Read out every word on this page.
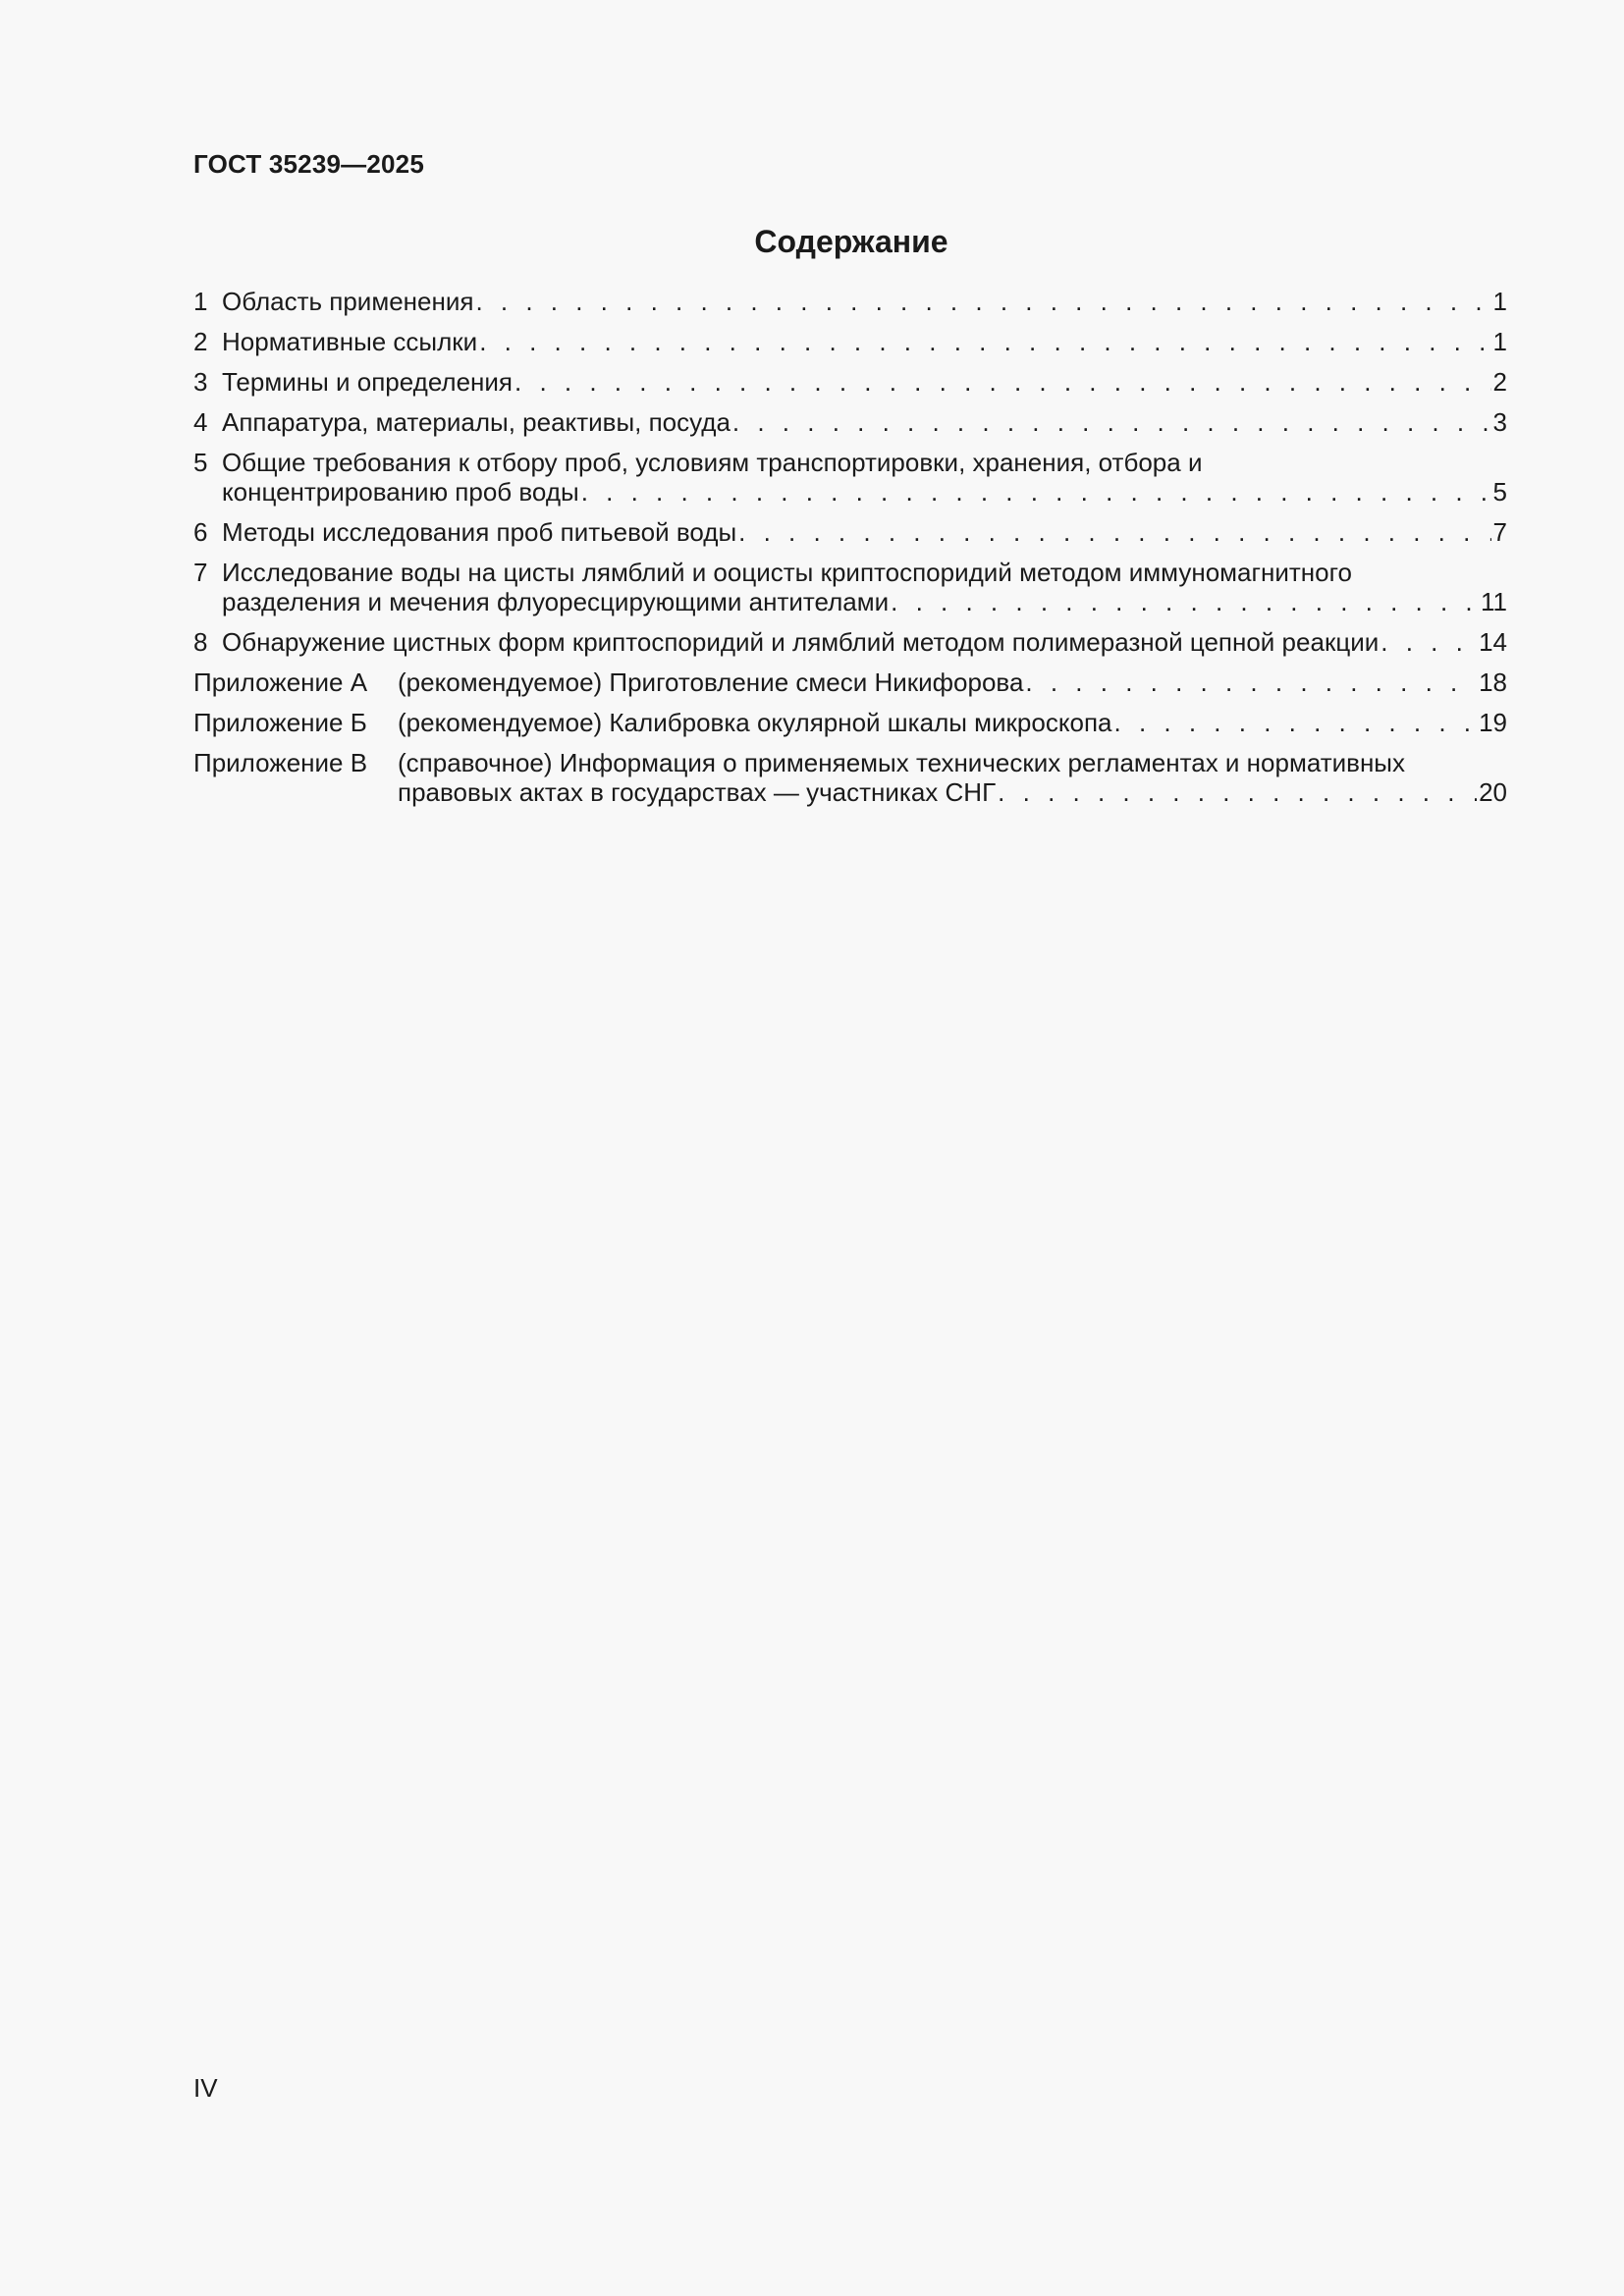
ГОСТ 35239—2025
Содержание
1 Область применения . . .	1
2 Нормативные ссылки . . .	1
3 Термины и определения . . .	2
4 Аппаратура, материалы, реактивы, посуда . . .	3
5 Общие требования к отбору проб, условиям транспортировки, хранения, отбора и
концентрированию проб воды . . .	5
6 Методы исследования проб питьевой воды . . .	7
7 Исследование воды на цисты лямблий и ооцисты криптоспоридий методом иммуномагнитного
разделения и мечения флуоресцирующими антителами . . .	11
8 Обнаружение цистных форм криптоспоридий и лямблий методом полимеразной цепной реакции . . .	14
Приложение А	(рекомендуемое) Приготовление смеси Никифорова . . .	18
Приложение Б	(рекомендуемое) Калибровка окулярной шкалы микроскопа . . .	19
Приложение В	(справочное) Информация о применяемых технических регламентах и нормативных
правовых актах в государствах — участниках СНГ . . .	20
IV
